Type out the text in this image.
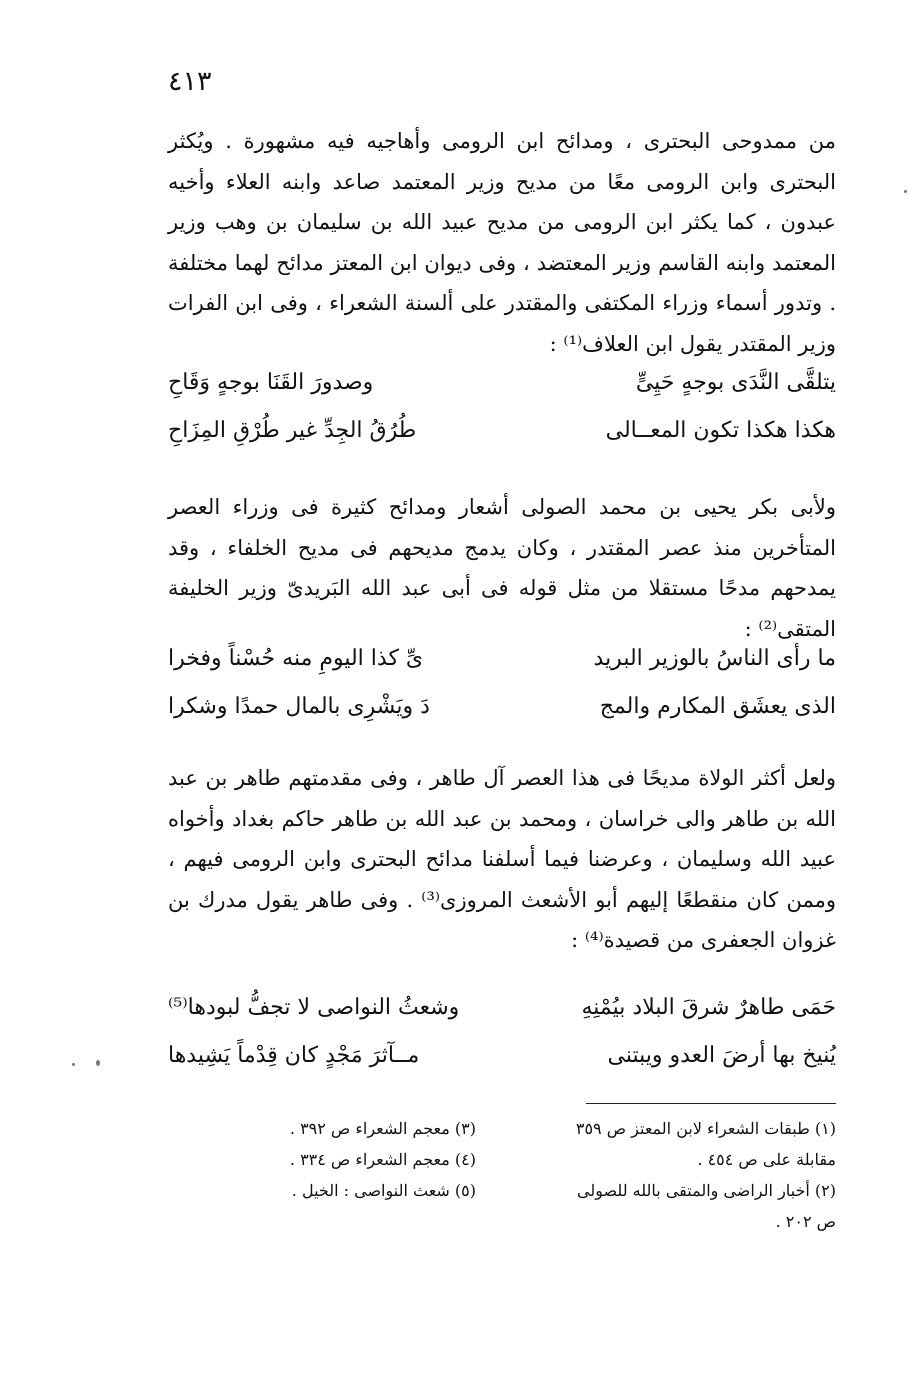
٤١٣

من ممدوحى البحترى ، ومدائح ابن الرومى وأهاجيه فيه مشهورة . ويُكثر البحترى وابن الرومى معًا من مديح وزير المعتمد صاعد وابنه العلاء وأخيه عبدون ، كما يكثر ابن الرومى من مديح عبيد الله بن سليمان بن وهب وزير المعتمد وابنه القاسم وزير المعتضد ، وفى ديوان ابن المعتز مدائح لهما مختلفة . وتدور أسماء وزراء المكتفى والمقتدر على ألسنة الشعراء ، وفى ابن الفرات وزير المقتدر يقول ابن العلاف⁽¹⁾ :

يتلقَّى النَّدَى بوجهٍ حَيِىٍّ
وصدورَ القَنَا بوجهٍ وَقَاحِ
هكذا هكذا تكون المعــالى
طُرُقُ الجِدِّ غير طُرْقِ المِزَاحِ

ولأبى بكر يحيى بن محمد الصولى أشعار ومدائح كثيرة فى وزراء العصر المتأخرين منذ عصر المقتدر ، وكان يدمج مديحهم فى مديح الخلفاء ، وقد يمدحهم مدحًا مستقلا من مثل قوله فى أبى عبد الله البَريدىّ وزير الخليفة المتقى⁽²⁾ :

ما رأى الناسُ بالوزير البريد
ىِّ كذا اليومِ منه حُسْناً وفخرا
الذى يعشَق المكارم والمج
دَ ويَشْرِى بالمال حمدًا وشكرا

ولعل أكثر الولاة مديحًا فى هذا العصر آل طاهر ، وفى مقدمتهم طاهر بن عبد الله بن طاهر والى خراسان ، ومحمد بن عبد الله بن طاهر حاكم بغداد وأخواه عبيد الله وسليمان ، وعرضنا فيما أسلفنا مدائح البحترى وابن الرومى فيهم ، وممن كان منقطعًا إليهم أبو الأشعث المروزى⁽³⁾ . وفى طاهر يقول مدرك بن غزوان الجعفرى من قصيدة⁽⁴⁾ :

حَمَى طاهرٌ شرقَ البلاد بيُمْنِهِ
وشعثُ النواصى لا تجفُّ لبودها⁽⁵⁾
يُنيخ بها أرضَ العدو ويبتنى
مــآثرَ مَجْدٍ كان قِدْماً يَشِيدها
(١) طبقات الشعراء لابن المعتز ص ٣٥٩
مقابلة على ص ٤٥٤ .
(٢) أخبار الراضى والمتقى بالله للصولى
ص ٢٠٢ .
(٣) معجم الشعراء ص ٣٩٢ .
(٤) معجم الشعراء ص ٣٣٤ .
(٥) شعث النواصى : الخيل .
